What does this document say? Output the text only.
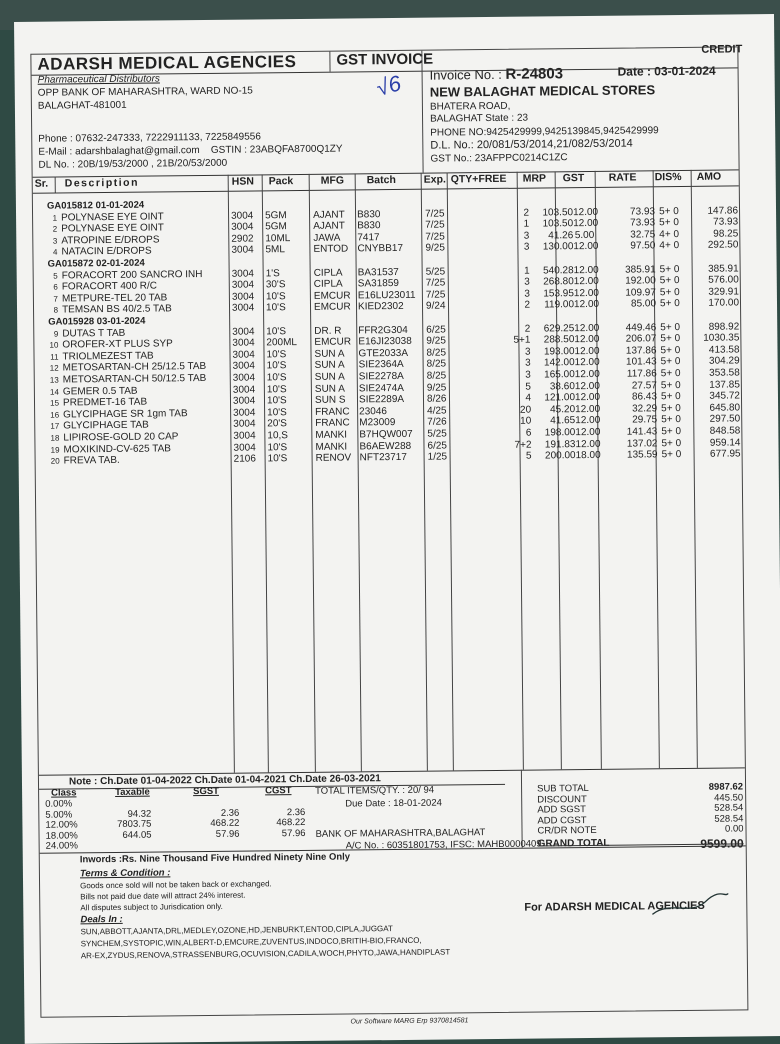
ADARSH MEDICAL AGENCIES
Pharmaceutical Distributors
OPP BANK OF MAHARASHTRA, WARD NO-15
BALAGHAT-481001
Phone : 07632-247333, 7222911133, 7225849556
E-Mail : adarshbalaghat@gmail.com GSTIN : 23ABQFA8700Q1ZY
DL No. : 20B/19/53/2000 , 21B/20/53/2000
GST INVOICE
CREDIT
Invoice No. : R-24803	Date : 03-01-2024
√6 NEW BALAGHAT MEDICAL STORES
BHATERA ROAD,
BALAGHAT State : 23
PHONE NO:9425429999,9425139845,9425429999
D.L. No.: 20/081/53/2014,21/082/53/2014
GST No.: 23AFPPC0214C1ZC
Sr. Description	HSN Pack	MFG Batch	Exp. QTY+FREE MRP GST RATE DIS% AMO
GA015812 01-01-2024
1 POLYNASE EYE OINT	3004 5GM	AJANT B830	7/25	2	103.50 12.00	73.93 5+ 0	147.86
2 POLYNASE EYE OINT	3004 5GM	AJANT B830	7/25	1	103.50 12.00	73.93 5+ 0	73.93
3 ATROPINE E/DROPS	2902 10ML JAWA 7417	7/25	3	41.26 5.00	32.75 4+ 0	98.25
4 NATACIN E/DROPS	3004 5ML	ENTOD CNYBB17 9/25	3	130.00 12.00	97.50 4+ 0	292.50
GA015872 02-01-2024
5 FORACORT 200 SANCRO INH	3004 1'S	CIPLA BA31537	5/25	1	540.28 12.00	385.91 5+ 0	385.91
6 FORACORT 400 R/C	3004 30'S	CIPLA SA31859	7/25	3	268.80 12.00	192.00 5+ 0	576.00
7 METPURE-TEL 20 TAB	3004 10'S	EMCUR E16LU23011 7/25	3	153.95 12.00	109.97 5+ 0	329.91
8 TEMSAN BS 40/2.5 TAB	3004 10'S	EMCUR KIED2302 9/24	2	119.00 12.00	85.00 5+ 0	170.00
GA015928 03-01-2024
9 DUTAS T TAB	3004 10'S	DR. R FFR2G304 6/25	2	629.25 12.00	449.46 5+ 0	898.92
10 OROFER-XT PLUS SYP	3004 200ML EMCUR E16JI23038 9/25	5+1	288.50 12.00	206.07 5+ 0	1030.35
11 TRIOLMEZEST TAB	3004 10'S	SUN A GTE2033A 8/25	3	193.00 12.00	137.86 5+ 0	413.58
12 METOSARTAN-CH 25/12.5 TAB	3004 10'S	SUN A SIE2364A 8/25	3	142.00 12.00	101.43 5+ 0	304.29
13 METOSARTAN-CH 50/12.5 TAB	3004 10'S	SUN A SIE2278A 8/25	3	165.00 12.00	117.86 5+ 0	353.58
14 GEMER 0.5 TAB	3004 10'S	SUN A SIE2474A 9/25	5	38.60 12.00	27.57 5+ 0	137.85
15 PREDMET-16 TAB	3004 10'S	SUN S SIE2289A 8/26	4	121.00 12.00	86.43 5+ 0	345.72
16 GLYCIPHAGE SR 1gm TAB	3004 10'S	FRANC 23046	4/25	20	45.20 12.00	32.29 5+ 0	645.80
17 GLYCIPHAGE TAB	3004 20'S	FRANC M23009	7/26	10	41.65 12.00	29.75 5+ 0	297.50
18 LIPIROSE-GOLD 20 CAP	3004 10,S	MANKI B7HQW007 5/25	6	198.00 12.00	141.43 5+ 0	848.58
19 MOXIKIND-CV-625 TAB	3004 10'S	MANKI B6AEW288 6/25	7+2	191.83 12.00	137.02 5+ 0	959.14
20 FREVA TAB.	2106 10'S	RENOV NFT23717 1/25	5	200.00 18.00	135.59 5+ 0	677.95
Note : Ch.Date 01-04-2022 Ch.Date 01-04-2021 Ch.Date 26-03-2021
Class	Taxable	SGST	CGST
0.00%
5.00%	94.32	2.36	2.36
12.00%	7803.75	468.22	468.22
18.00%	644.05	57.96	57.96
24.00%
TOTAL ITEMS/QTY. : 20/ 94
Due Date : 18-01-2024
BANK OF MAHARASHTRA,BALAGHAT
A/C No. : 60351801753, IFSC: MAHB0000409
SUB TOTAL	8987.62
DISCOUNT	445.50
ADD SGST	528.54
ADD CGST	528.54
CR/DR NOTE	0.00
GRAND TOTAL	9599.00
Inwords :Rs. Nine Thousand Five Hundred Ninety Nine Only
Terms & Condition :
Goods once sold will not be taken back or exchanged.
Bills not paid due date will attract 24% interest.
All disputes subject to Jurisdication only.
Deals In :
SUN,ABBOTT,AJANTA,DRL,MEDLEY,OZONE,HD,JENBURKT,ENTOD,CIPLA,JUGGAT
SYNCHEM,SYSTOPIC,WIN,ALBERT-D,EMCURE,ZUVENTUS,INDOCO,BRITIH-BIO,FRANCO,
AR-EX,ZYDUS,RENOVA,STRASSENBURG,OCUVISION,CADILA,WOCH,PHYTO,JAWA,HANDIPLAST
For ADARSH MEDICAL AGENCIES
Our Software MARG Erp 9370814581
